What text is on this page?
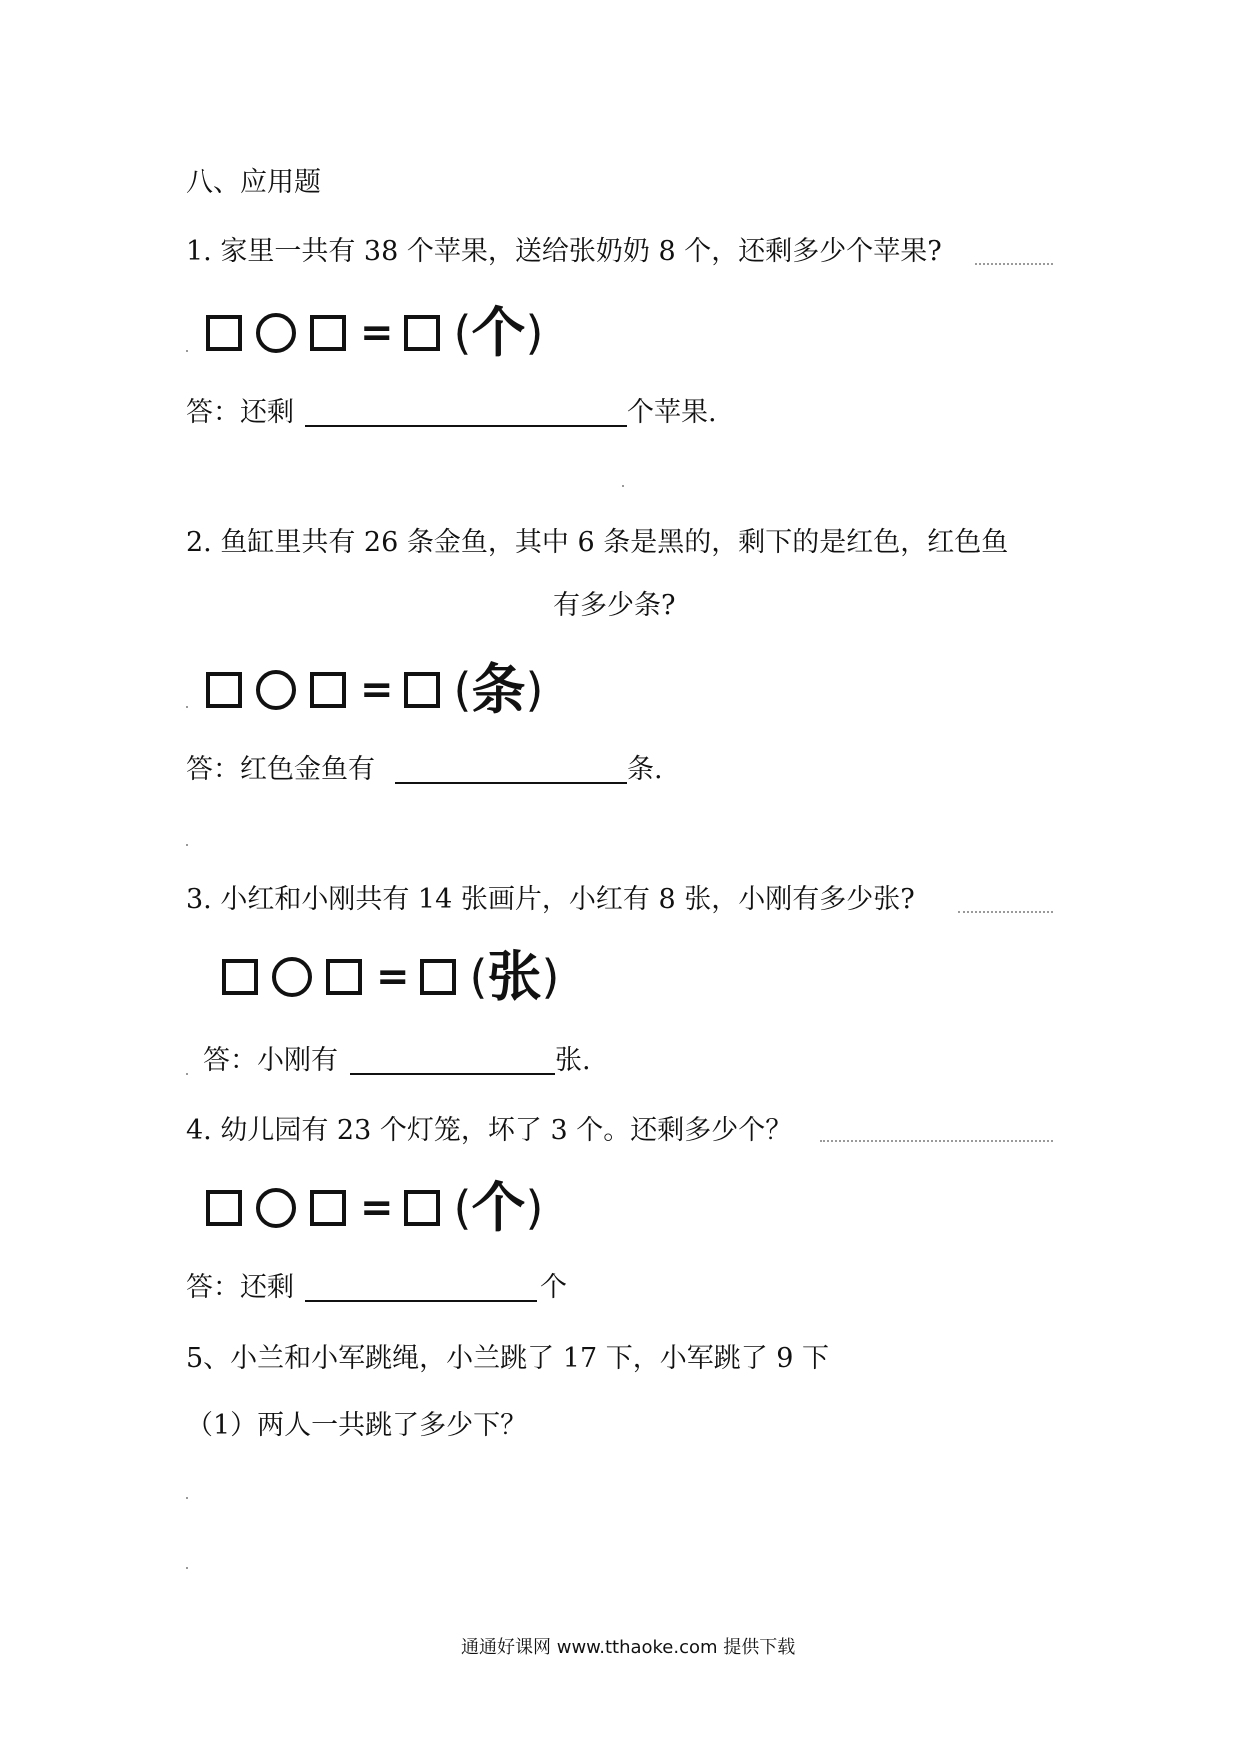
八、应用题
1. 家里一共有 38 个苹果，送给张奶奶 8 个，还剩多少个苹果?
= ( 个 )
答：还剩	个苹果.
2. 鱼缸里共有 26 条金鱼，其中 6 条是黑的，剩下的是红色，红色鱼
有多少条?
= ( 条 )
答：红色金鱼有	条.
3. 小红和小刚共有 14 张画片，小红有 8 张，小刚有多少张?
= ( 张 )
答：小刚有	张.
4. 幼儿园有 23 个灯笼，坏了 3 个。还剩多少个？
= ( 个 )
答：还剩	个
5、小兰和小军跳绳，小兰跳了 17 下，小军跳了 9 下
（1）两人一共跳了多少下？
通通好课网 www.tthaoke.com 提供下载
